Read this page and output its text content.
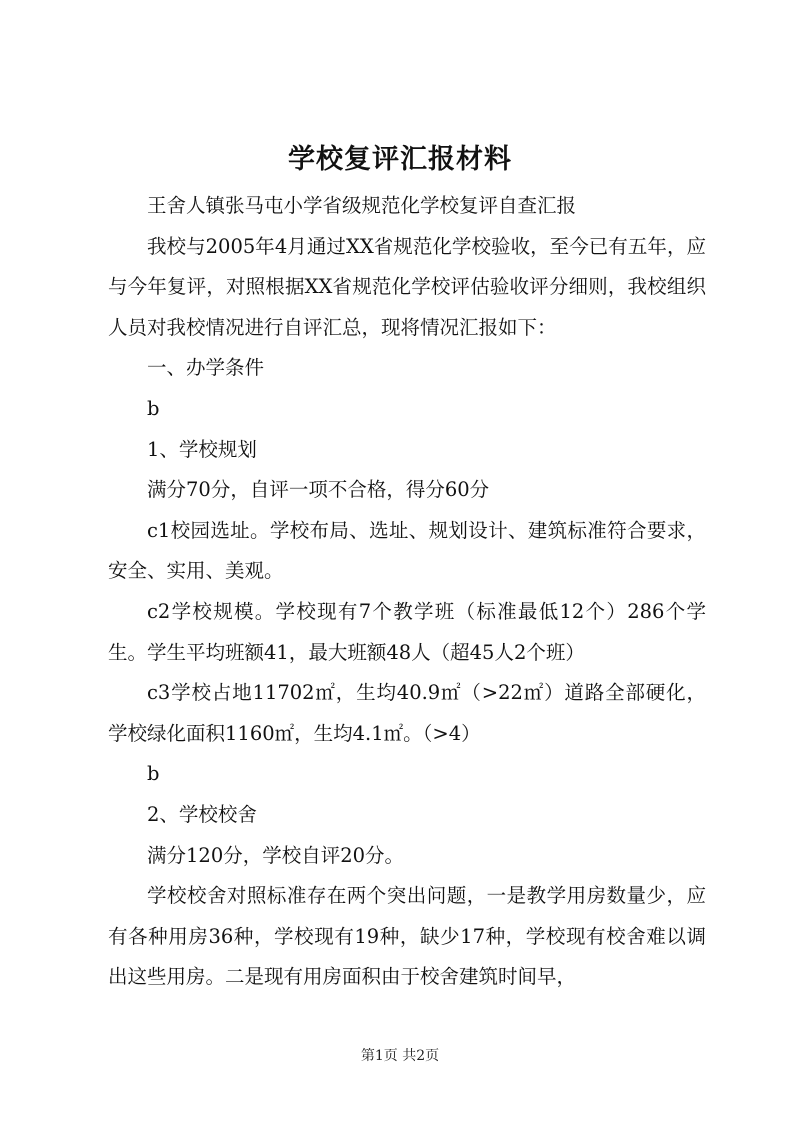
学校复评汇报材料

王舍人镇张马屯小学省级规范化学校复评自查汇报

我校与2005年4月通过XX省规范化学校验收，至今已有五年，应与今年复评，对照根据XX省规范化学校评估验收评分细则，我校组织人员对我校情况进行自评汇总，现将情况汇报如下：

一、办学条件

b

1、学校规划

满分70分，自评一项不合格，得分60分

c1校园选址。学校布局、选址、规划设计、建筑标准符合要求，安全、实用、美观。

c2学校规模。学校现有7个教学班（标准最低12个）286个学生。学生平均班额41，最大班额48人（超45人2个班）

c3学校占地11702㎡，生均40.9㎡（>22㎡）道路全部硬化，学校绿化面积1160㎡，生均4.1㎡。（>4）

b

2、学校校舍

满分120分，学校自评20分。

学校校舍对照标准存在两个突出问题，一是教学用房数量少，应有各种用房36种，学校现有19种，缺少17种，学校现有校舍难以调出这些用房。二是现有用房面积由于校舍建筑时间早，

第1页 共2页
